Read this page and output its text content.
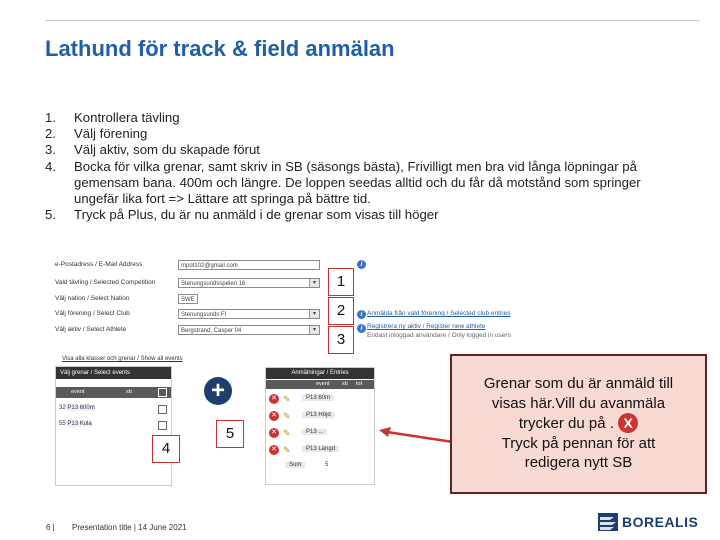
Lathund för track & field anmälan
1. Kontrollera tävling
2. Välj förening
3. Välj aktiv, som du skapade förut
4. Bocka för vilka grenar, samt skriv in SB (säsongs bästa), Frivilligt men bra vid långa löpningar på gemensam bana. 400m och längre. De loppen seedas alltid och du får då motstånd som springer ungefär lika fort => Lättare att springa på bättre tid.
5. Tryck på Plus, du är nu anmäld i de grenar som visas till höger
e-Postadress / E-Mail Address	mpot102@gmail.com	i
Vald tävling / Selected Competition	Stenungsundsspelen 16	▾
Välj nation / Select Nation	SWE
Välj förening / Select Club	Stenungsunds FI	▾
Välj aktiv / Select Athlete	Bergstrand, Casper 04	▾
i Anmälda från vald förening / Selected club entries
i Registrera ny aktiv / Register new athlete
Endast inloggad användare / Only logged in users
1
2
3
Visa alla klasser och grenar / Show all events
Välj grenar / Select events
event	sb
32 P13 600m
55 P13 Kula
4
+
5
Anmälningar / Entries
event sb tot
✕ ✎	P13 60m
✕ ✎	P13 Höjd
✕ ✎	P13 ...
✕ ✎	P13 Längd
Sum	5
Grenar som du är anmäld till
visas här.Vill du avanmäla
trycker du på . X
Tryck på pennan för att
redigera nytt SB
6 | Presentation title | 14 June 2021	BOREALIS
